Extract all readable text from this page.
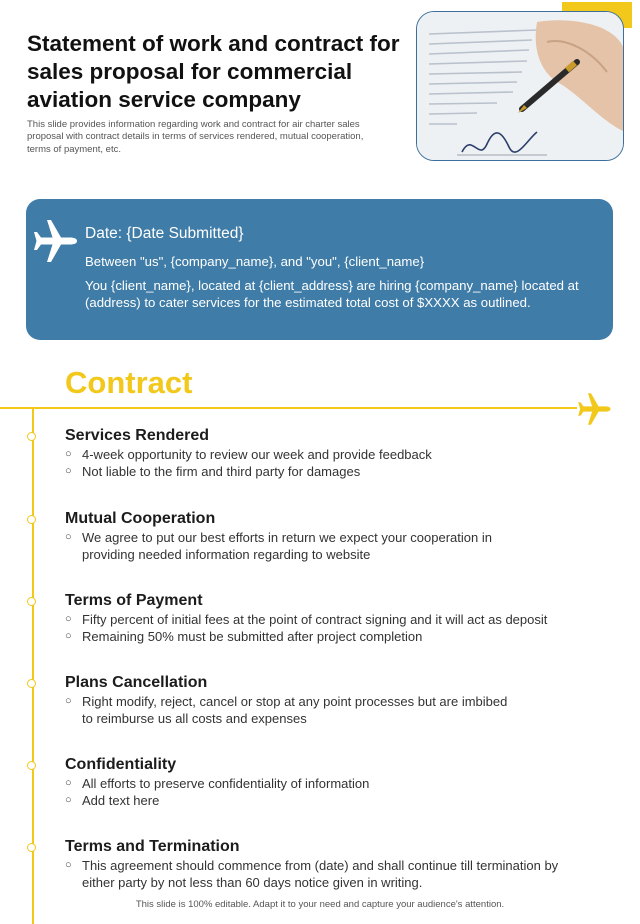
Statement of work and contract for sales proposal for commercial aviation service company

This slide provides information regarding work and contract for air charter sales proposal with contract details in terms of services rendered, mutual cooperation, terms of payment, etc.

Date: {Date Submitted}
Between "us", {company_name}, and "you", {client_name}
You {client_name}, located at {client_address} are hiring {company_name} located at (address) to cater services for the estimated total cost of $XXXX as outlined.
Contract
Services Rendered
○ 4-week opportunity to review our week and provide feedback
○ Not liable to the firm and third party for damages
Mutual Cooperation
○ We agree to put our best efforts in return we expect your cooperation in providing needed information regarding to website
Terms of Payment
○ Fifty percent of initial fees at the point of contract signing and it will act as deposit
○ Remaining 50% must be submitted after project completion
Plans Cancellation
○ Right modify, reject, cancel or stop at any point processes but are imbibed to reimburse us all costs and expenses
Confidentiality
○ All efforts to preserve confidentiality of information
○ Add text here
Terms and Termination
○ This agreement should commence from (date) and shall continue till termination by either party by not less than 60 days notice given in writing.
This slide is 100% editable. Adapt it to your need and capture your audience's attention.
